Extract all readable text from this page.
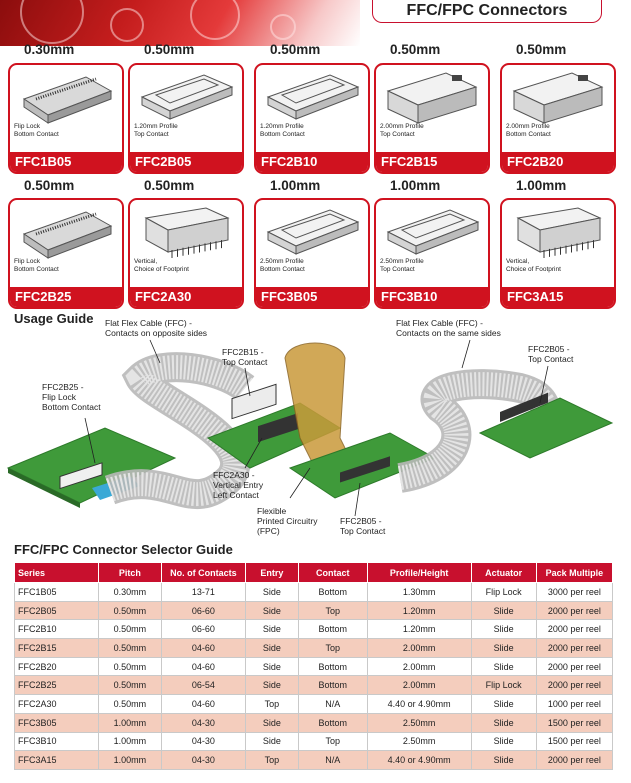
FFC/FPC Connectors
0.30mm
Flip Lock
Bottom Contact
FFC1B05
0.50mm
1.20mm Profile
Top Contact
FFC2B05
0.50mm
1.20mm Profile
Bottom Contact
FFC2B10
0.50mm
2.00mm Profile
Top Contact
FFC2B15
0.50mm
2.00mm Profile
Bottom Contact
FFC2B20
0.50mm
Flip Lock
Bottom Contact
FFC2B25
0.50mm
Vertical,
Choice of Footprint
FFC2A30
1.00mm
2.50mm Profile
Bottom Contact
FFC3B05
1.00mm
2.50mm Profile
Top Contact
FFC3B10
1.00mm
Vertical,
Choice of Footprint
FFC3A15
Usage Guide Flat Flex Cable (FFC) -
Contacts on opposite sides
FFC2B15 -
Top Contact
FFC2B25 -
Flip Lock
Bottom Contact
FFC2A30 -
Vertical Entry
Left Contact
Flexible
Printed Circuitry
(FPC)
FFC2B05 -
Top Contact
Flat Flex Cable (FFC) -
Contacts on the same sides
FFC2B05 -
Top Contact
FFC/FPC Connector Selector Guide
Series	Pitch	No. of Contacts	Entry	Contact	Profile/Height	Actuator	Pack Multiple
FFC1B05	0.30mm	13-71	Side	Bottom	1.30mm	Flip Lock	3000 per reel
FFC2B05	0.50mm	06-60	Side	Top	1.20mm	Slide	2000 per reel
FFC2B10	0.50mm	06-60	Side	Bottom	1.20mm	Slide	2000 per reel
FFC2B15	0.50mm	04-60	Side	Top	2.00mm	Slide	2000 per reel
FFC2B20	0.50mm	04-60	Side	Bottom	2.00mm	Slide	2000 per reel
FFC2B25	0.50mm	06-54	Side	Bottom	2.00mm	Flip Lock	2000 per reel
FFC2A30	0.50mm	04-60	Top	N/A	4.40 or 4.90mm	Slide	1000 per reel
FFC3B05	1.00mm	04-30	Side	Bottom	2.50mm	Slide	1500 per reel
FFC3B10	1.00mm	04-30	Side	Top	2.50mm	Slide	1500 per reel
FFC3A15	1.00mm	04-30	Top	N/A	4.40 or 4.90mm	Slide	2000 per reel
